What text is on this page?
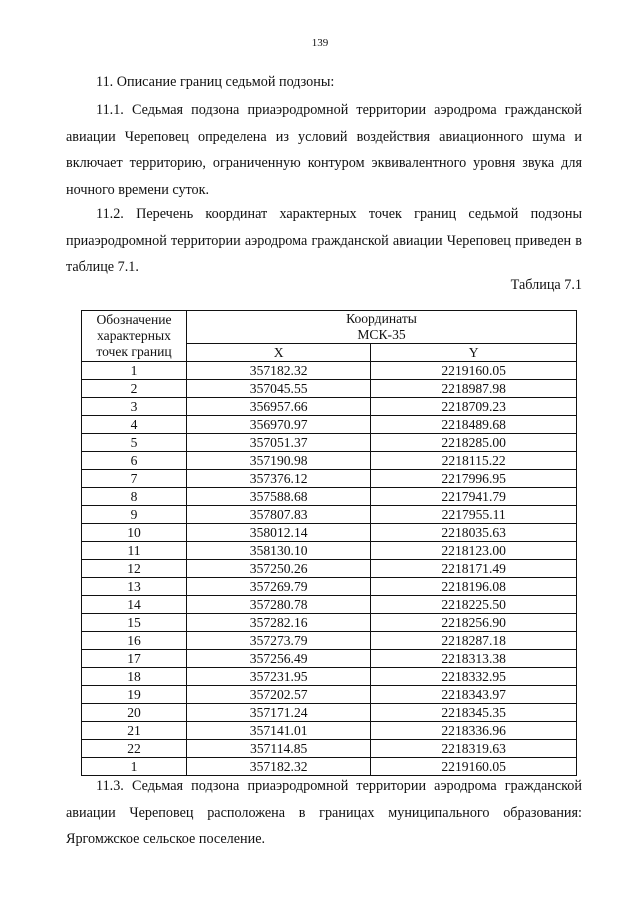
139

11. Описание границ седьмой подзоны:

11.1. Седьмая подзона приаэродромной территории аэродрома гражданской авиации Череповец определена из условий воздействия авиационного шума и включает территорию, ограниченную контуром эквивалентного уровня звука для ночного времени суток.

11.2. Перечень координат характерных точек границ седьмой подзоны приаэродромной территории аэродрома гражданской авиации Череповец приведен в таблице 7.1.

Таблица 7.1
Обозначение
характерных
точек границ	Координаты
МСК-35	
	X	Y
1	357182.32	2219160.05
2	357045.55	2218987.98
3	356957.66	2218709.23
4	356970.97	2218489.68
5	357051.37	2218285.00
6	357190.98	2218115.22
7	357376.12	2217996.95
8	357588.68	2217941.79
9	357807.83	2217955.11
10	358012.14	2218035.63
11	358130.10	2218123.00
12	357250.26	2218171.49
13	357269.79	2218196.08
14	357280.78	2218225.50
15	357282.16	2218256.90
16	357273.79	2218287.18
17	357256.49	2218313.38
18	357231.95	2218332.95
19	357202.57	2218343.97
20	357171.24	2218345.35
21	357141.01	2218336.96
22	357114.85	2218319.63
1	357182.32	2219160.05

11.3. Седьмая подзона приаэродромной территории аэродрома гражданской авиации Череповец расположена в границах муниципального образования: Яргомжское сельское поселение.
